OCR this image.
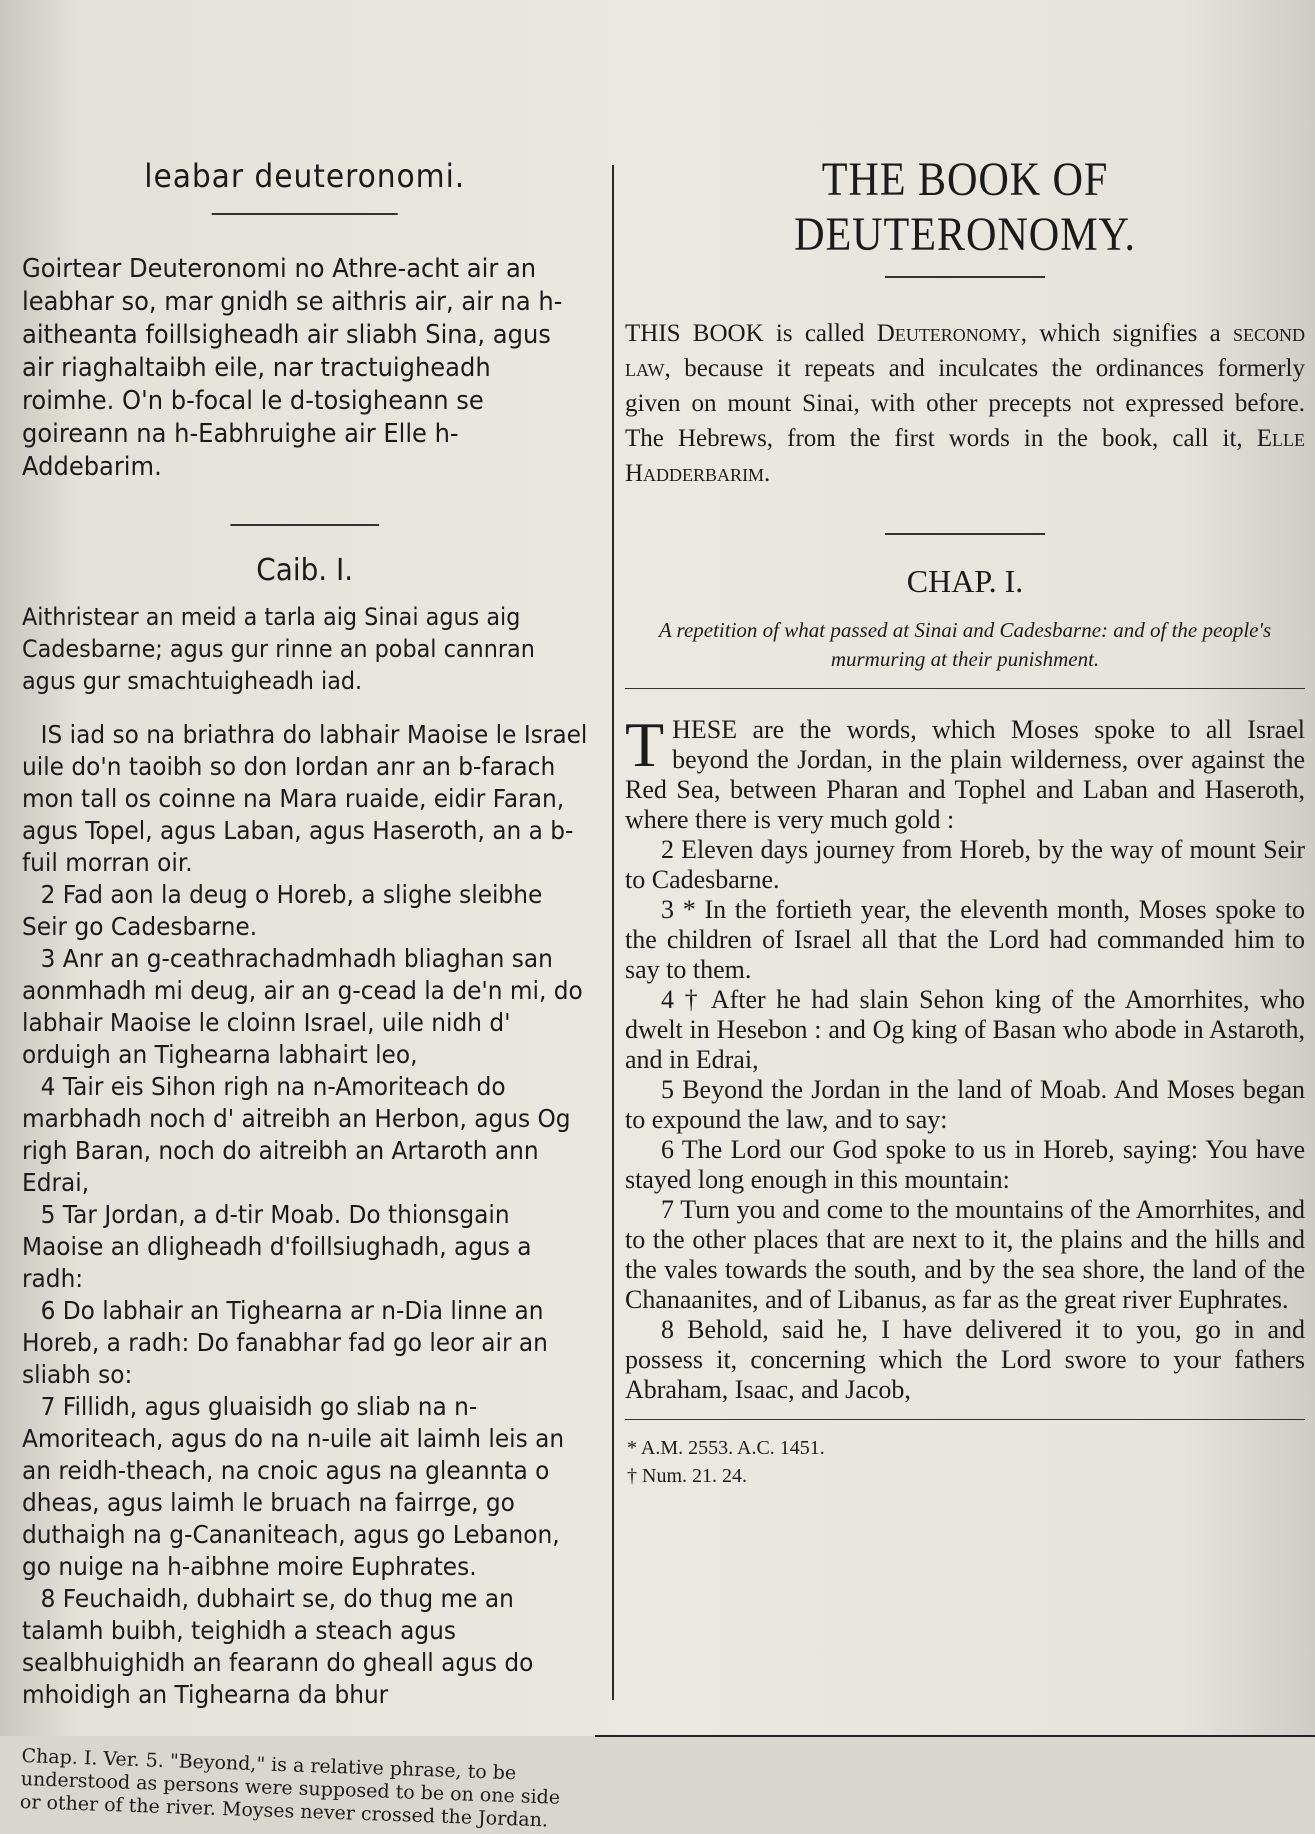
leabar deuteronomi.
Goirtear Deuteronomi no Athre-acht air an leabhar so, mar gnidh se aithris air, air na h-aitheanta foillsigheadh air sliabh Sina, agus air riaghaltaibh eile, nar tractuigheadh roimhe. O'n b-focal le d-tosigheann se goireann na h-Eabhruighe air Elle h-Addebarim.
Caib. I.
Aithristear an meid a tarla aig Sinai agus aig Cadesbarne; agus gur rinne an pobal cannran agus gur smachtuigheadh iad.

IS iad so na briathra do labhair Maoise le Israel uile do'n taoibh so don Iordan anr an b-farach mon tall os coinne na Mara ruaide, eidir Faran, agus Topel, agus Laban, agus Haseroth, an a b-fuil morran oir.

2 Fad aon la deug o Horeb, a slighe sleibhe Seir go Cadesbarne.

3 Anr an g-ceathrachadmhadh bliaghan san aonmhadh mi deug, air an g-cead la de'n mi, do labhair Maoise le cloinn Israel, uile nidh d' orduigh an Tighearna labhairt leo,

4 Tair eis Sihon righ na n-Amoriteach do marbhadh noch d' aitreibh an Herbon, agus Og righ Baran, noch do aitreibh an Artaroth ann Edrai,

5 Tar Jordan, a d-tir Moab. Do thionsgain Maoise an dligheadh d'foillsiughadh, agus a radh:

6 Do labhair an Tighearna ar n-Dia linne an Horeb, a radh: Do fanabhar fad go leor air an sliabh so:

7 Fillidh, agus gluaisidh go sliab na n-Amoriteach, agus do na n-uile ait laimh leis an an reidh-theach, na cnoic agus na gleannta o dheas, agus laimh le bruach na fairrge, go duthaigh na g-Cananiteach, agus go Lebanon, go nuige na h-aibhne moire Euphrates.

8 Feuchaidh, dubhairt se, do thug me an talamh buibh, teighidh a steach agus sealbhuighidh an fearann do gheall agus do mhoidigh an Tighearna da bhur

Chap. I. Ver. 5. "Beyond," is a relative phrase, to be understood as persons were supposed to be on one side or other of the river. Moyses never crossed the Jordan.
THE BOOK OF DEUTERONOMY.
THIS BOOK is called Deuteronomy, which signifies a second law, because it repeats and inculcates the ordinances formerly given on mount Sinai, with other precepts not expressed before. The Hebrews, from the first words in the book, call it, Elle Hadderbarim.
CHAP. I.
A repetition of what passed at Sinai and Cadesbarne: and of the people's murmuring at their punishment.

THESE are the words, which Moses spoke to all Israel beyond the Jordan, in the plain wilderness, over against the Red Sea, between Pharan and Tophel and Laban and Haseroth, where there is very much gold :

2 Eleven days journey from Horeb, by the way of mount Seir to Cadesbarne.

3 * In the fortieth year, the eleventh month, Moses spoke to the children of Israel all that the Lord had commanded him to say to them.

4 † After he had slain Sehon king of the Amorrhites, who dwelt in Hesebon : and Og king of Basan who abode in Astaroth, and in Edrai,

5 Beyond the Jordan in the land of Moab. And Moses began to expound the law, and to say:

6 The Lord our God spoke to us in Horeb, saying: You have stayed long enough in this mountain:

7 Turn you and come to the mountains of the Amorrhites, and to the other places that are next to it, the plains and the hills and the vales towards the south, and by the sea shore, the land of the Chanaanites, and of Libanus, as far as the great river Euphrates.

8 Behold, said he, I have delivered it to you, go in and possess it, concerning which the Lord swore to your fathers Abraham, Isaac, and Jacob,

* A.M. 2553. A.C. 1451.
† Num. 21. 24.
